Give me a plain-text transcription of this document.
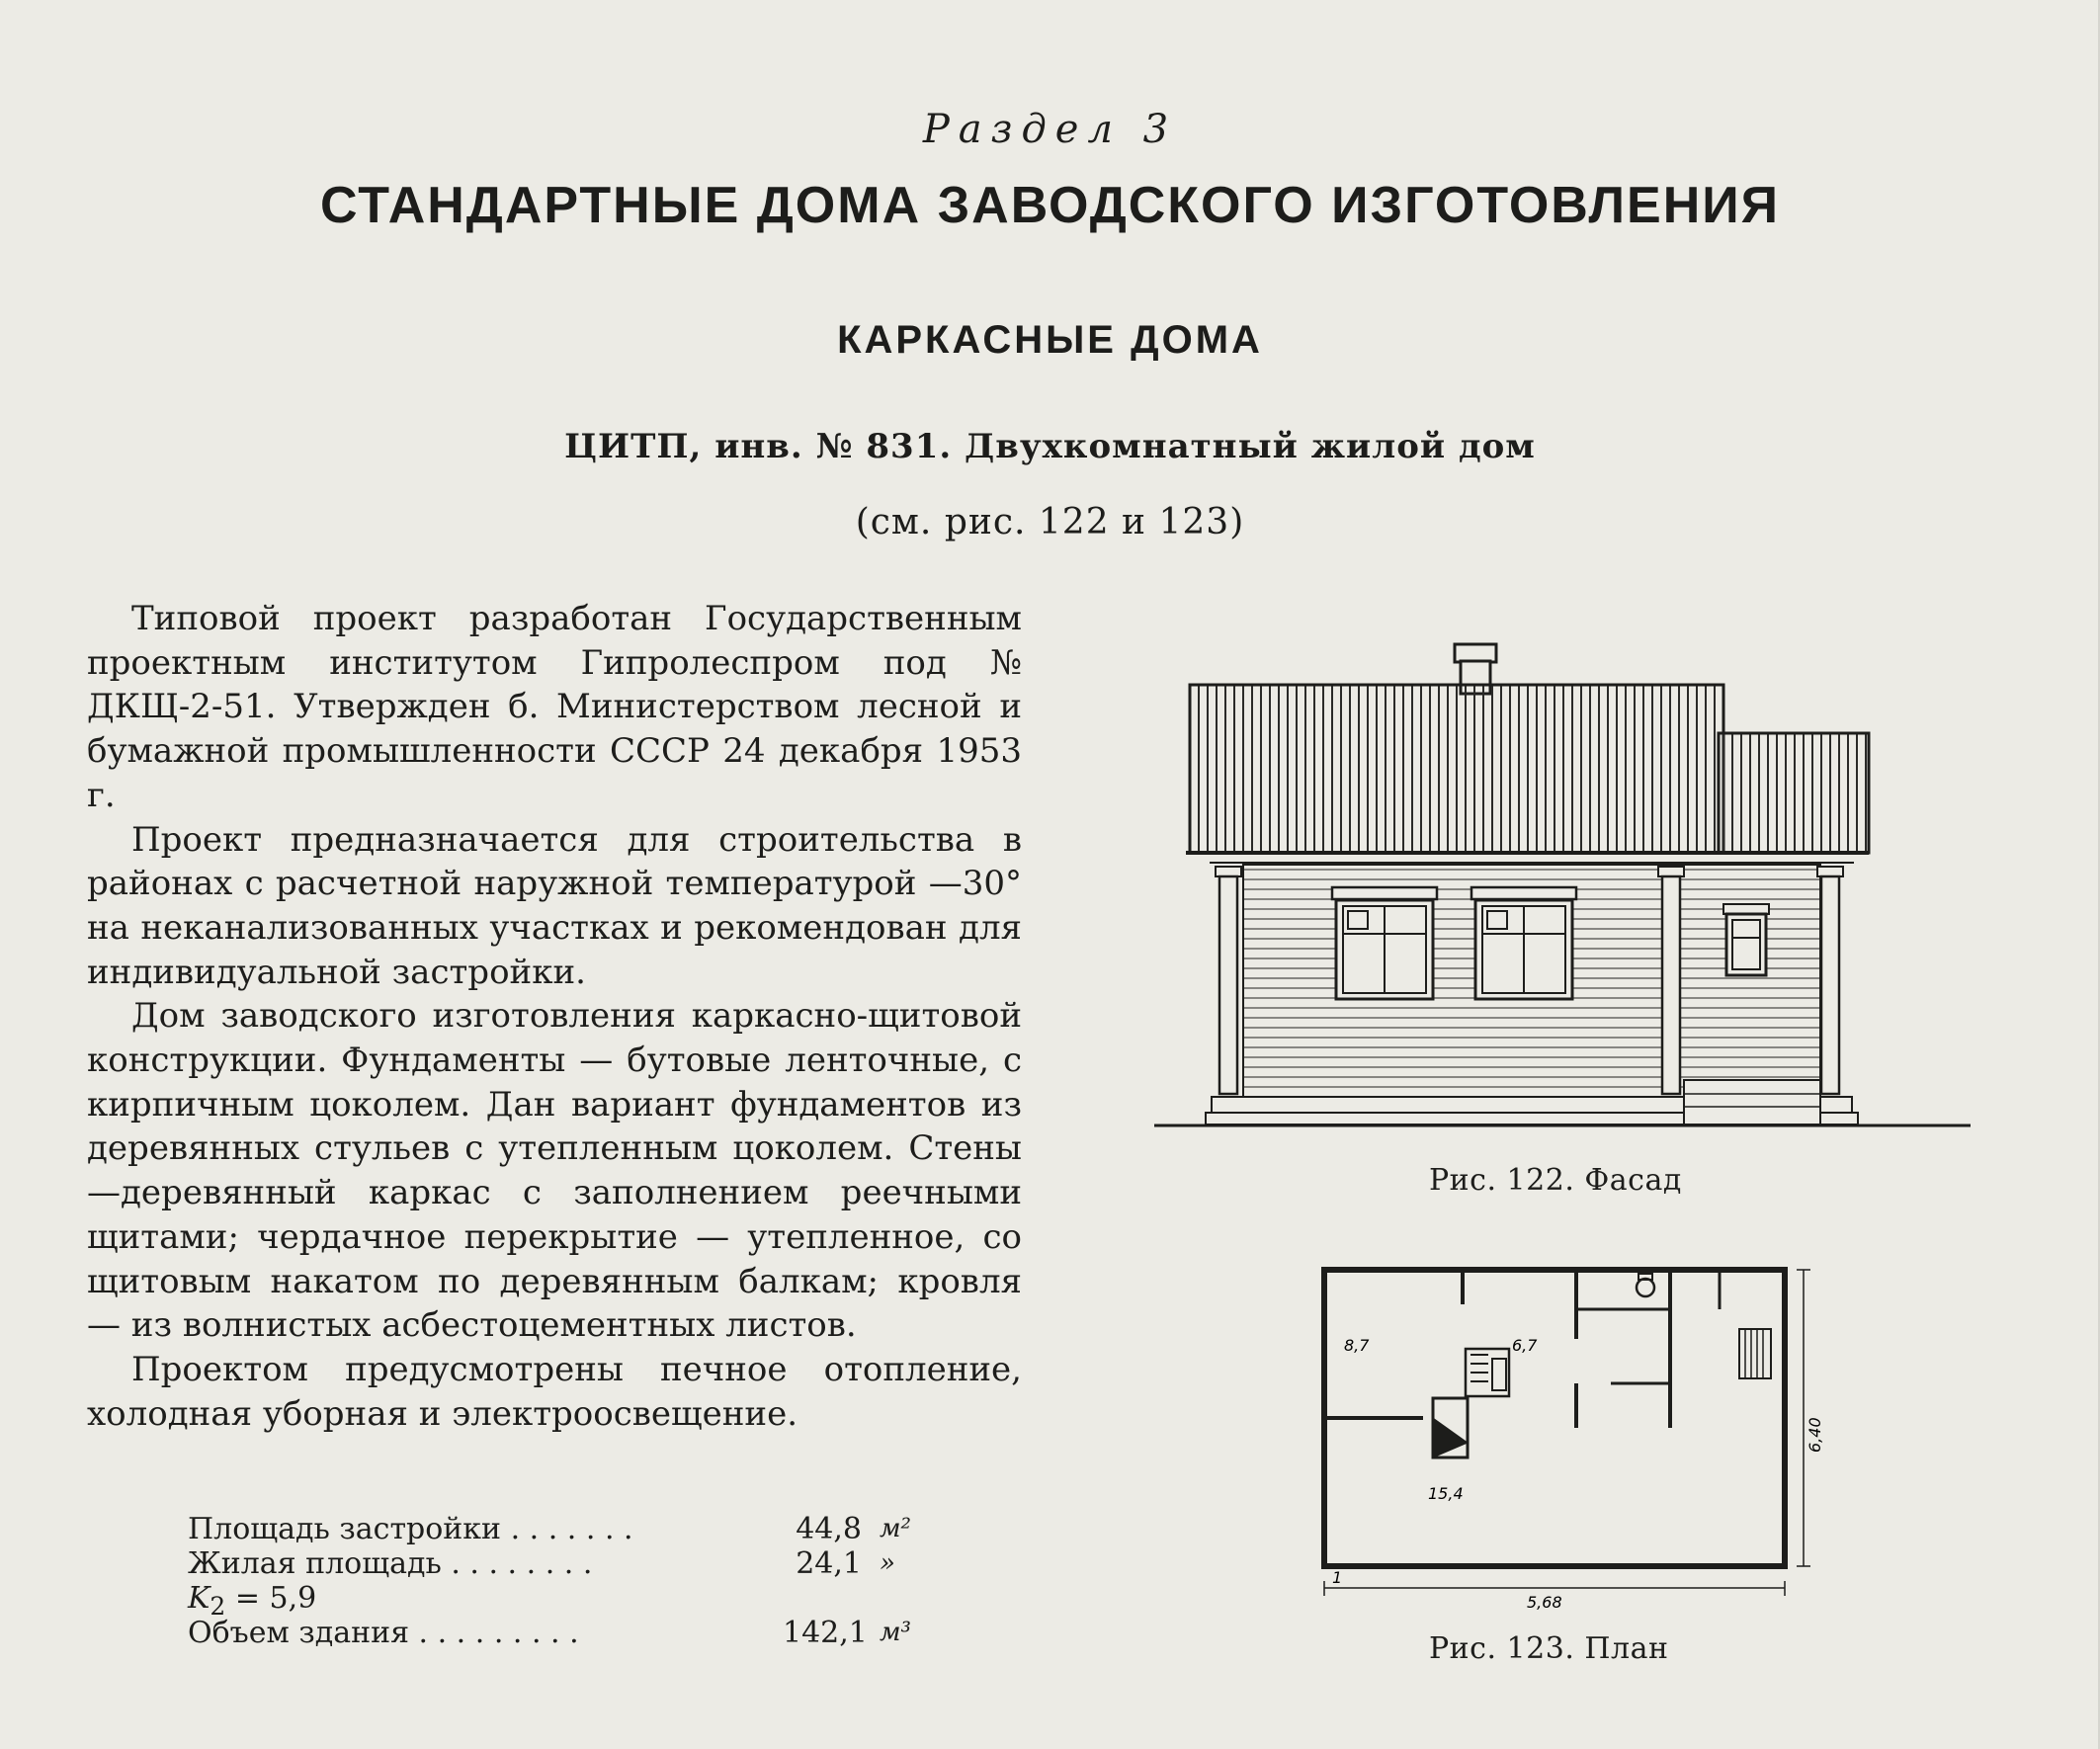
Раздел 3
СТАНДАРТНЫЕ ДОМА ЗАВОДСКОГО ИЗГОТОВЛЕНИЯ
КАРКАСНЫЕ ДОМА
ЦИТП, инв. № 831. Двухкомнатный жилой дом
(см. рис. 122 и 123)

Типовой проект разработан Государственным проектным институтом Гипролеспром под № ДКЩ-2-51. Утвержден б. Министерством лесной и бумажной промышленности СССР 24 декабря 1953 г.

Проект предназначается для строительства в районах с расчетной наружной температурой —30° на неканализованных участках и рекомендован для индивидуальной застройки.

Дом заводского изготовления каркасно-щитовой конструкции. Фундаменты — бутовые ленточные, с кирпичным цоколем. Дан вариант фундаментов из деревянных стульев с утепленным цоколем. Стены—деревянный каркас с заполнением реечными щитами; чердачное перекрытие — утепленное, со щитовым накатом по деревянным балкам; кровля — из волнистых асбестоцементных листов.

Проектом предусмотрены печное отопление, холодная уборная и электроосвещение.

Площадь застройки . . . . . . .	44,8 м²
Жилая площадь . . . . . . . .	24,1 »
$K_2 = 5,9$
Объем здания . . . . . . . . .	142,1 м³
Рис. 122. Фасад
8,7	6,7
15,4
5,68
6,40
1
Рис. 123. План
